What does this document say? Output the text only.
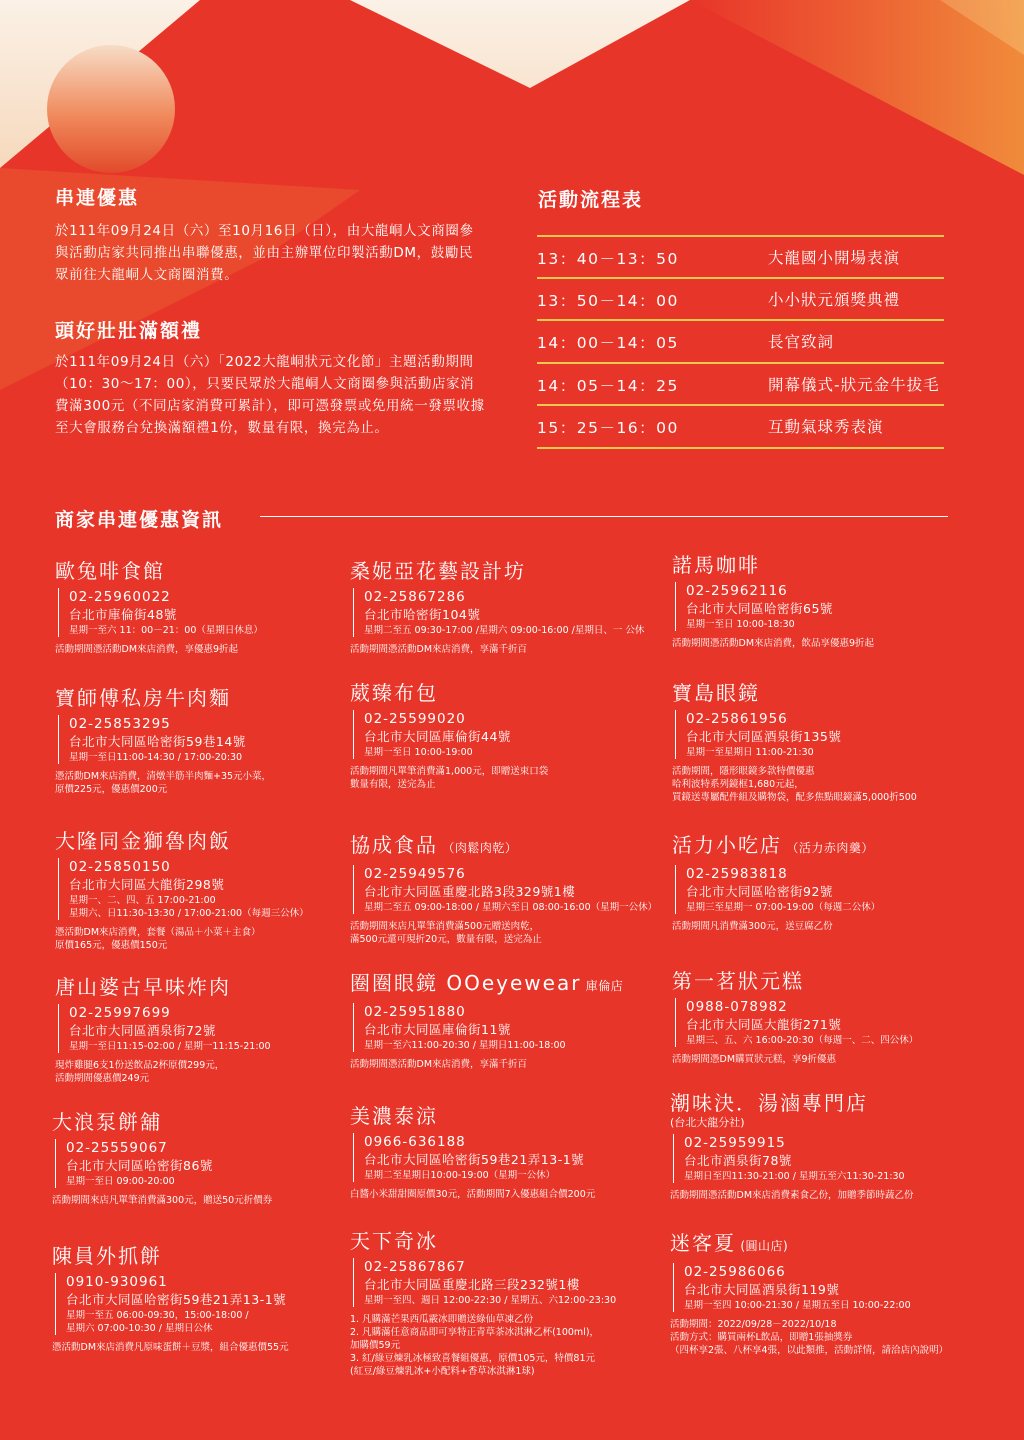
串連優惠
於111年09月24日（六）至10月16日（日），由大龍峒人文商圈參與活動店家共同推出串聯優惠，並由主辦單位印製活動DM，鼓勵民眾前往大龍峒人文商圈消費。
頭好壯壯滿額禮
於111年09月24日（六）「2022大龍峒狀元文化節」主題活動期間（10：30～17：00），只要民眾於大龍峒人文商圈參與活動店家消費滿300元（不同店家消費可累計），即可憑發票或免用統一發票收據至大會服務台兌換滿額禮1份，數量有限，換完為止。
活動流程表
13：40－13：50	大龍國小開場表演
13：50－14：00	小小狀元頒獎典禮
14：00－14：05	長官致詞
14：05－14：25	開幕儀式-狀元金牛拔毛
15：25－16：00	互動氣球秀表演
商家串連優惠資訊
歐兔啡食館
02-25960022
台北市庫倫街48號
星期一至六 11：00－21：00（星期日休息）
活動期間憑活動DM來店消費，享優惠9折起
桑妮亞花藝設計坊
02-25867286
台北市哈密街104號
星期二至五 09:30-17:00 /星期六 09:00-16:00 /星期日、一 公休
活動期間憑活動DM來店消費，享滿千折百
諾馬咖啡
02-25962116
台北市大同區哈密街65號
星期一至日 10:00-18:30
活動期間憑活動DM來店消費，飲品享優惠9折起
寶師傅私房牛肉麵
02-25853295
台北市大同區哈密街59巷14號
星期一至日11:00-14:30 / 17:00-20:30
憑活動DM來店消費，清燉半筋半肉麵+35元小菜，
原價225元，優惠價200元
葳臻布包
02-25599020
台北市大同區庫倫街44號
星期一至日 10:00-19:00
活動期間凡單筆消費滿1,000元，即贈送束口袋
數量有限，送完為止
寶島眼鏡
02-25861956
台北市大同區酒泉街135號
星期一至星期日 11:00-21:30
活動期間，隱形眼鏡多款特價優惠
哈利波特系列鏡框1,680元起，
買鏡送專屬配件組及購物袋，配多焦點眼鏡滿5,000折500
大隆同金獅魯肉飯
02-25850150
台北市大同區大龍街298號
星期一、二、四、五 17:00-21:00
星期六、日11:30-13:30 / 17:00-21:00（每週三公休）
憑活動DM來店消費，套餐（湯品＋小菜＋主食）
原價165元，優惠價150元
協成食品 （肉鬆肉乾）
02-25949576
台北市大同區重慶北路3段329號1樓
星期二至五 09:00-18:00 / 星期六至日 08:00-16:00（星期一公休）
活動期間來店凡單筆消費滿500元贈送肉乾，
滿500元還可現折20元，數量有限，送完為止
活力小吃店 （活力赤肉羹）
02-25983818
台北市大同區哈密街92號
星期三至星期一 07:00-19:00（每週二公休）
活動期間凡消費滿300元，送豆腐乙份
唐山婆古早味炸肉
02-25997699
台北市大同區酒泉街72號
星期一至日11:15-02:00 / 星期一11:15-21:00
現炸雞腿6支1份送飲品2杯原價299元，
活動期間優惠價249元
圈圈眼鏡 OOeyewear 庫倫店
02-25951880
台北市大同區庫倫街11號
星期一至六11:00-20:30 / 星期日11:00-18:00
活動期間憑活動DM來店消費，享滿千折百
第一茗狀元糕
0988-078982
台北市大同區大龍街271號
星期三、五、六 16:00-20:30（每週一、二、四公休）
活動期間憑DM購買狀元糕，享9折優惠
大浪泵餅舖
02-25559067
台北市大同區哈密街86號
星期一至日 09:00-20:00
活動期間來店凡單筆消費滿300元，贈送50元折價券
美濃泰涼
0966-636188
台北市大同區哈密街59巷21弄13-1號
星期二至星期日10:00-19:00（星期一公休）
白醬小米甜甜圈原價30元，活動期間7入優惠組合價200元
潮味決．湯滷專門店
(台北大龍分社)
02-25959915
台北市酒泉街78號
星期日至四11:30-21:00 / 星期五至六11:30-21:30
活動期間憑活動DM來店消費素食乙份，加贈季節時蔬乙份
陳員外抓餅
0910-930961
台北市大同區哈密街59巷21弄13-1號
星期一至五 06:00-09:30，15:00-18:00 /
星期六 07:00-10:30 / 星期日公休
憑活動DM來店消費凡原味蛋餅＋豆漿，組合優惠價55元
天下奇冰
02-25867867
台北市大同區重慶北路三段232號1樓
星期一至四、週日 12:00-22:30 / 星期五、六12:00-23:30
1. 凡購滿芒果西瓜霰冰即贈送綠仙草凍乙份
2. 凡購滿任意商品即可享特正青草茶冰淇淋乙杯(100ml)，
加購價59元
3. 紅/綠豆煉乳冰極致喜餐組優惠，原價105元，特價81元
(紅豆/綠豆煉乳冰+小配料+香草冰淇淋1球)
迷客夏 (圓山店)
02-25986066
台北市大同區酒泉街119號
星期一至四 10:00-21:30 / 星期五至日 10:00-22:00
活動期間：2022/09/28－2022/10/18
活動方式：購買兩杯L飲品，即贈1張抽獎券
（四杯享2張、八杯享4張，以此類推，活動詳情，請洽店內說明）
